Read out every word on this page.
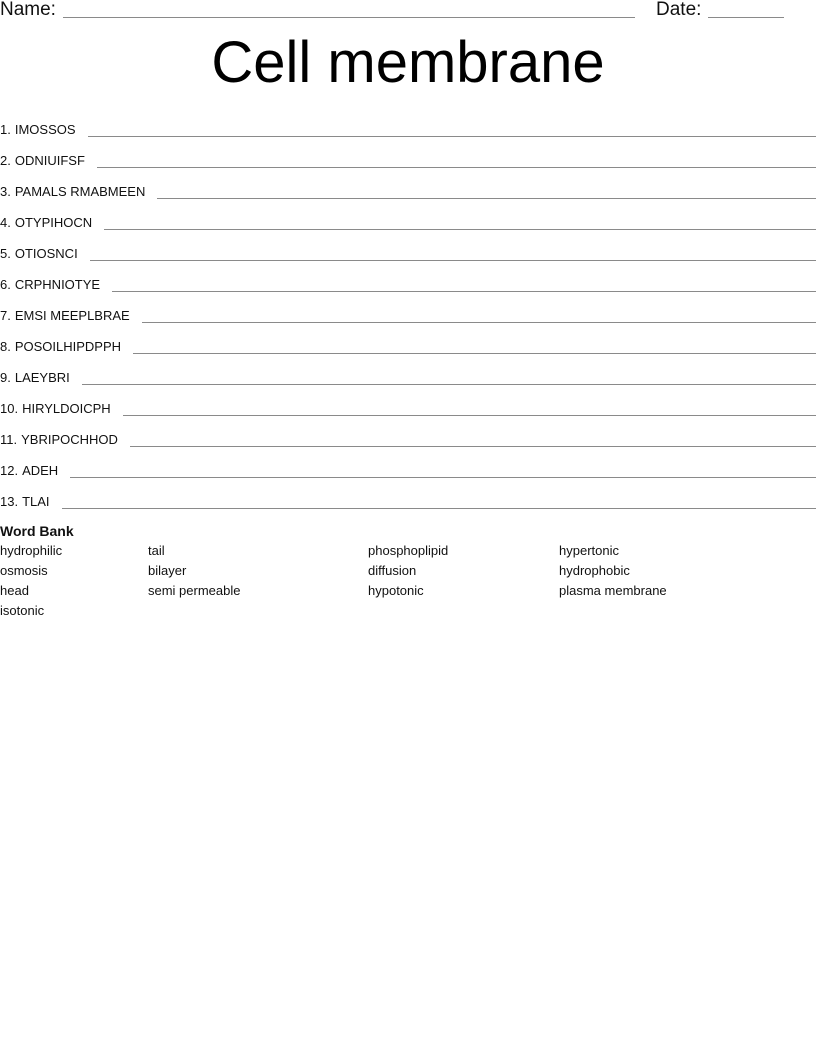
Name:	Date:
Cell membrane
1. IMOSSOS
2. ODNIUIFSF
3. PAMALS RMABMEEN
4. OTYPIHOCN
5. OTIOSNCI
6. CRPHNIOTYE
7. EMSI MEEPLBRAE
8. POSOILHIPDPPH
9. LAEYBRI
10. HIRYLDOICPH
11. YBRIPOCHHOD
12. ADEH
13. TLAI
Word Bank
hydrophilic
osmosis
head
isotonic
tail
bilayer
semi permeable
phosphoplipid
diffusion
hypotonic
hypertonic
hydrophobic
plasma membrane
